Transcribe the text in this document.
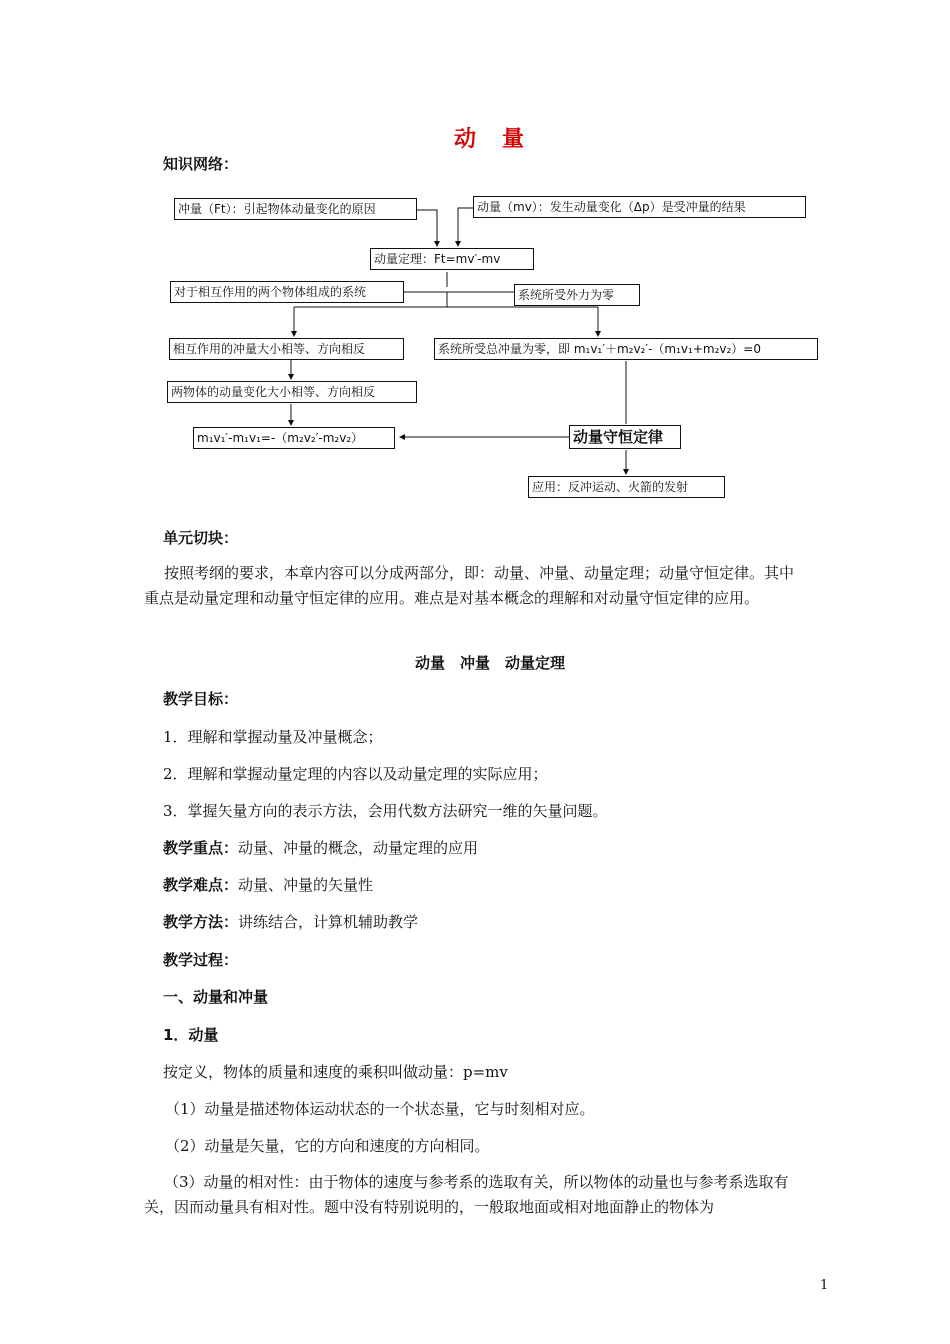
动　量
知识网络：
冲量（Ft）：引起物体动量变化的原因	动量（mv）：发生动量变化（Δp）是受冲量的结果
动量定理：Ft=mv′-mv
对于相互作用的两个物体组成的系统	系统所受外力为零
相互作用的冲量大小相等、方向相反	系统所受总冲量为零，即 m₁v₁′＋m₂v₂′-（m₁v₁+m₂v₂）=0
两物体的动量变化大小相等、方向相反
m₁v₁′-m₁v₁=-（m₂v₂′-m₂v₂）	动量守恒定律
应用：反冲运动、火箭的发射
单元切块：
按照考纲的要求，本章内容可以分成两部分，即：动量、冲量、动量定理；动量守恒定律。其中重点是动量定理和动量守恒定律的应用。难点是对基本概念的理解和对动量守恒定律的应用。
动量　冲量　动量定理
教学目标：
1．理解和掌握动量及冲量概念；
2．理解和掌握动量定理的内容以及动量定理的实际应用；
3．掌握矢量方向的表示方法，会用代数方法研究一维的矢量问题。
教学重点：动量、冲量的概念，动量定理的应用
教学难点：动量、冲量的矢量性
教学方法：讲练结合，计算机辅助教学
教学过程：
一、动量和冲量
1．动量
按定义，物体的质量和速度的乘积叫做动量：p=mv
（1）动量是描述物体运动状态的一个状态量，它与时刻相对应。
（2）动量是矢量，它的方向和速度的方向相同。
（3）动量的相对性：由于物体的速度与参考系的选取有关，所以物体的动量也与参考系选取有关，因而动量具有相对性。题中没有特别说明的，一般取地面或相对地面静止的物体为
1
